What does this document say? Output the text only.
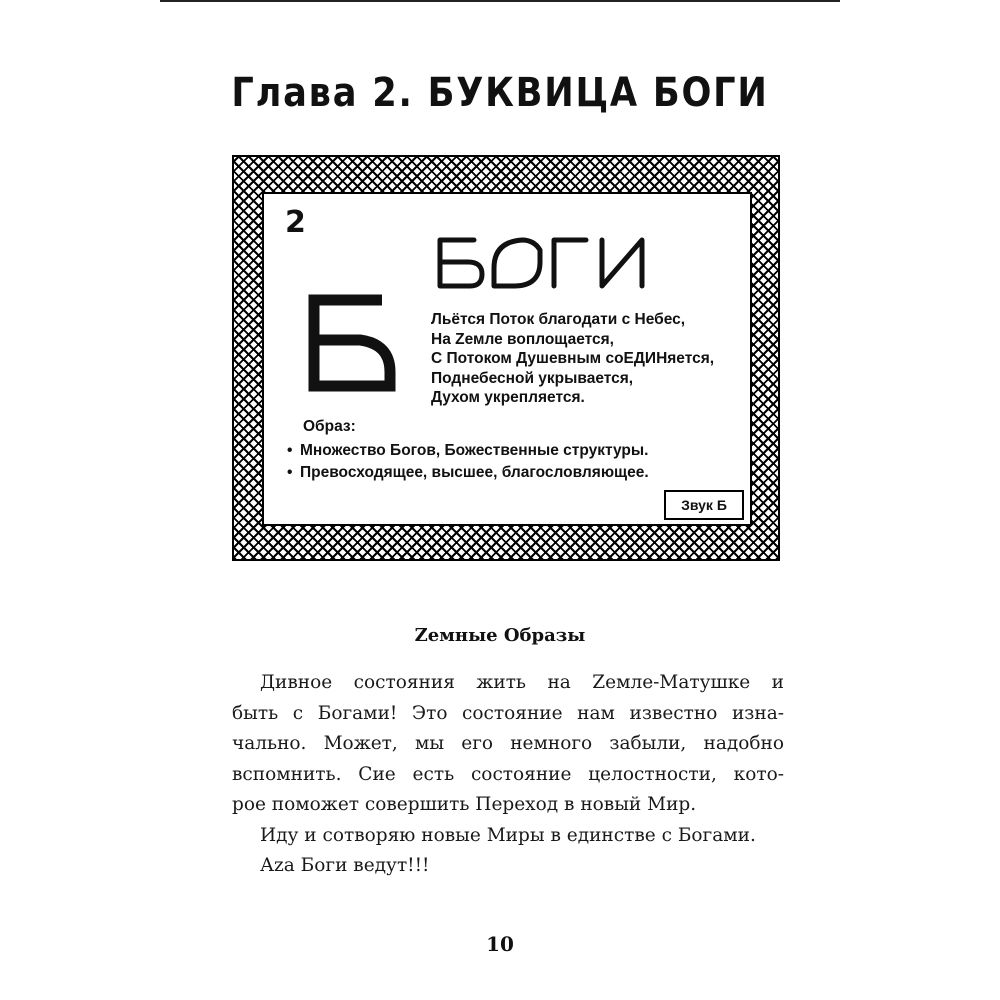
Глава 2. БУКВИЦА БОГИ
2
Льётся Поток благодати с Небес,
На Zемле воплощается,
С Потоком Душевным соЕДИНяется,
Поднебесной укрывается,
Духом укрепляется.
Образ:
• Множество Богов, Божественные структуры.
• Превосходящее, высшее, благословляющее.
Звук Б
Zемные Образы
Дивное состояния жить на Zемле-Матушке и
быть с Богами! Это состояние нам известно изна-
чально. Может, мы его немного забыли, надобно
вспомнить. Сие есть состояние целостности, кото-
рое поможет совершить Переход в новый Мир.
Иду и сотворяю новые Миры в единстве с Богами.
Аzа Боги ведут!!!
10
